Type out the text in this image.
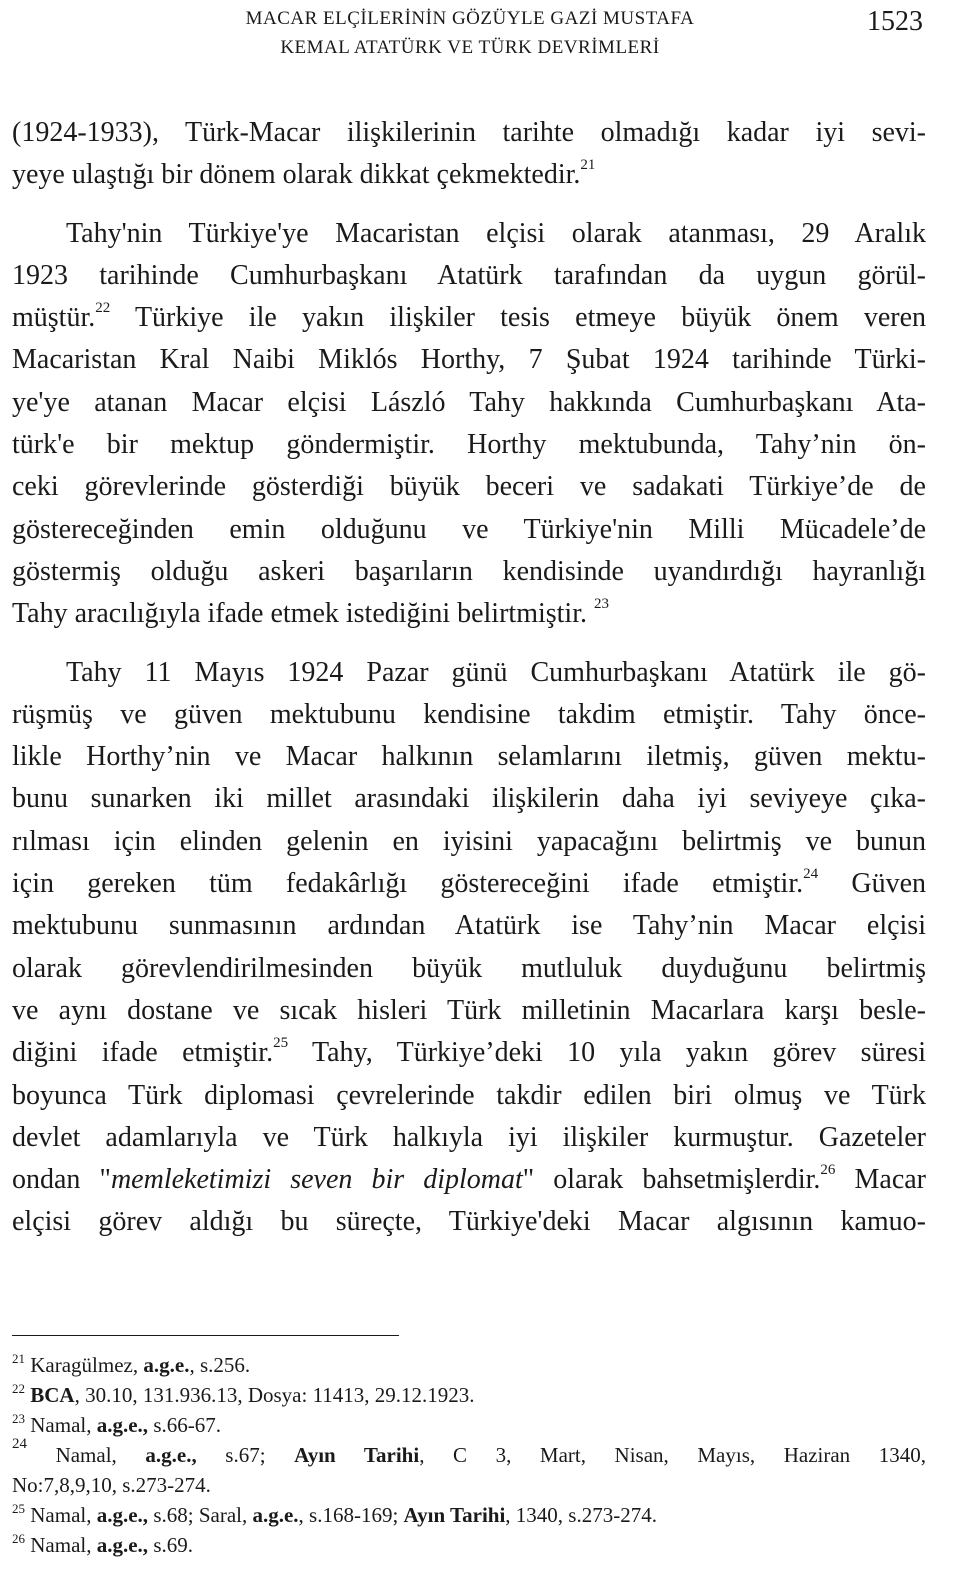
MACAR ELÇİLERİNİN GÖZÜYLE GAZİ MUSTAFA
KEMAL ATATÜRK VE TÜRK DEVRİMLERİ
1523

(1924-1933), Türk-Macar ilişkilerinin tarihte olmadığı kadar iyi sevi-
yeye ulaştığı bir dönem olarak dikkat çekmektedir.$^{21}$

Tahy'nin Türkiye'ye Macaristan elçisi olarak atanması, 29 Aralık
1923 tarihinde Cumhurbaşkanı Atatürk tarafından da uygun görül-
müştür.$^{22}$ Türkiye ile yakın ilişkiler tesis etmeye büyük önem veren
Macaristan Kral Naibi Miklós Horthy, 7 Şubat 1924 tarihinde Türki-
ye'ye atanan Macar elçisi László Tahy hakkında Cumhurbaşkanı Ata-
türk'e bir mektup göndermiştir. Horthy mektubunda, Tahy’nin ön-
ceki görevlerinde gösterdiği büyük beceri ve sadakati Türkiye’de de
göstereceğinden emin olduğunu ve Türkiye'nin Milli Mücadele’de
göstermiş olduğu askeri başarıların kendisinde uyandırdığı hayranlığı
Tahy aracılığıyla ifade etmek istediğini belirtmiştir. $^{23}$

Tahy 11 Mayıs 1924 Pazar günü Cumhurbaşkanı Atatürk ile gö-
rüşmüş ve güven mektubunu kendisine takdim etmiştir. Tahy önce-
likle Horthy’nin ve Macar halkının selamlarını iletmiş, güven mektu-
bunu sunarken iki millet arasındaki ilişkilerin daha iyi seviyeye çıka-
rılması için elinden gelenin en iyisini yapacağını belirtmiş ve bunun
için gereken tüm fedakârlığı göstereceğini ifade etmiştir.$^{24}$ Güven
mektubunu sunmasının ardından Atatürk ise Tahy’nin Macar elçisi
olarak görevlendirilmesinden büyük mutluluk duyduğunu belirtmiş
ve aynı dostane ve sıcak hisleri Türk milletinin Macarlara karşı besle-
diğini ifade etmiştir.$^{25}$ Tahy, Türkiye’deki 10 yıla yakın görev süresi
boyunca Türk diplomasi çevrelerinde takdir edilen biri olmuş ve Türk
devlet adamlarıyla ve Türk halkıyla iyi ilişkiler kurmuştur. Gazeteler
ondan "memleketimizi seven bir diplomat" olarak bahsetmişlerdir.$^{26}$ Macar
elçisi görev aldığı bu süreçte, Türkiye'deki Macar algısının kamuo-

$^{21}$ Karagülmez, a.g.e., s.256.
$^{22}$ BCA, 30.10, 131.936.13, Dosya: 11413, 29.12.1923.
$^{23}$ Namal, a.g.e., s.66-67.
$^{24}$ Namal, a.g.e., s.67; Ayın Tarihi, C 3, Mart, Nisan, Mayıs, Haziran 1340,
No:7,8,9,10, s.273-274.
$^{25}$ Namal, a.g.e., s.68; Saral, a.g.e., s.168-169; Ayın Tarihi, 1340, s.273-274.
$^{26}$ Namal, a.g.e., s.69.
